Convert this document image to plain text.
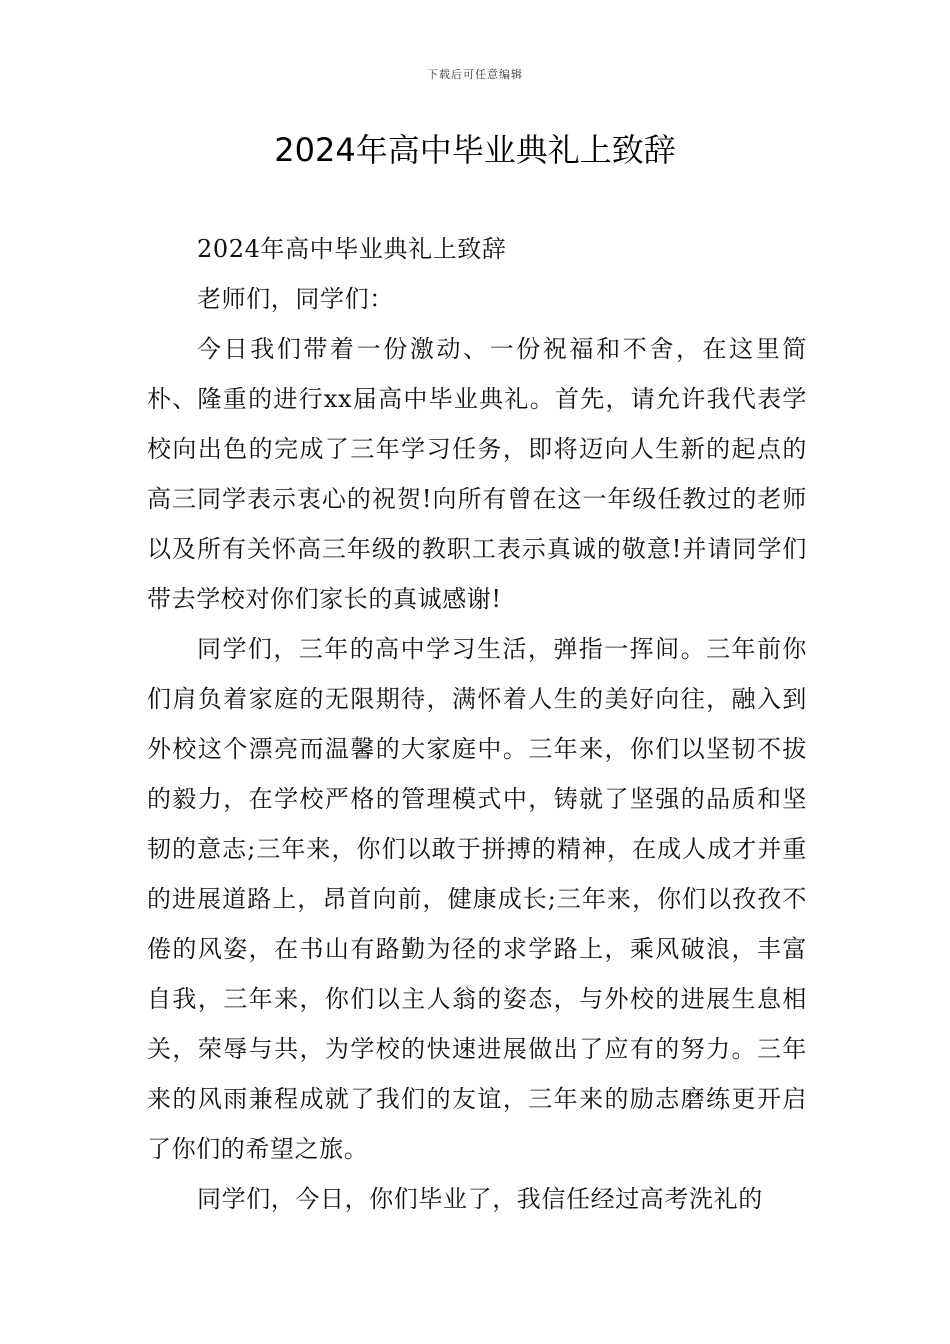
下载后可任意编辑
2024年高中毕业典礼上致辞

2024年高中毕业典礼上致辞

老师们，同学们：

今日我们带着一份激动、一份祝福和不舍，在这里简朴、隆重的进行xx届高中毕业典礼。首先，请允许我代表学校向出色的完成了三年学习任务，即将迈向人生新的起点的高三同学表示衷心的祝贺!向所有曾在这一年级任教过的老师以及所有关怀高三年级的教职工表示真诚的敬意!并请同学们带去学校对你们家长的真诚感谢!

同学们，三年的高中学习生活，弹指一挥间。三年前你们肩负着家庭的无限期待，满怀着人生的美好向往，融入到外校这个漂亮而温馨的大家庭中。三年来，你们以坚韧不拔的毅力，在学校严格的管理模式中，铸就了坚强的品质和坚韧的意志;三年来，你们以敢于拼搏的精神，在成人成才并重的进展道路上，昂首向前，健康成长;三年来，你们以孜孜不倦的风姿，在书山有路勤为径的求学路上，乘风破浪，丰富自我，三年来，你们以主人翁的姿态，与外校的进展生息相关，荣辱与共，为学校的快速进展做出了应有的努力。三年来的风雨兼程成就了我们的友谊，三年来的励志磨练更开启了你们的希望之旅。

同学们，今日，你们毕业了，我信任经过高考洗礼的
